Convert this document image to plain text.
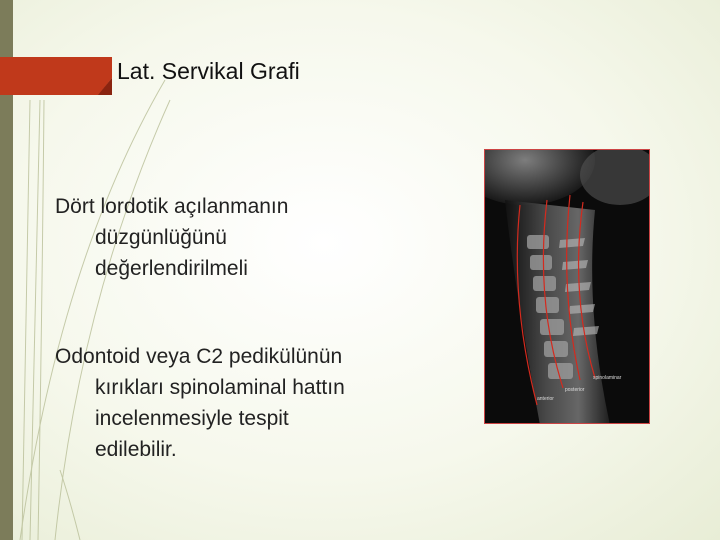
Lat. Servikal Grafi
Dört lordotik açılanmanın
düzgünlüğünü
değerlendirilmeli
Odontoid veya C2 pedikülünün
kırıkları spinolaminal hattın
incelenmesiyle tespit
edilebilir.
spinolaminar
posterior
anterior
